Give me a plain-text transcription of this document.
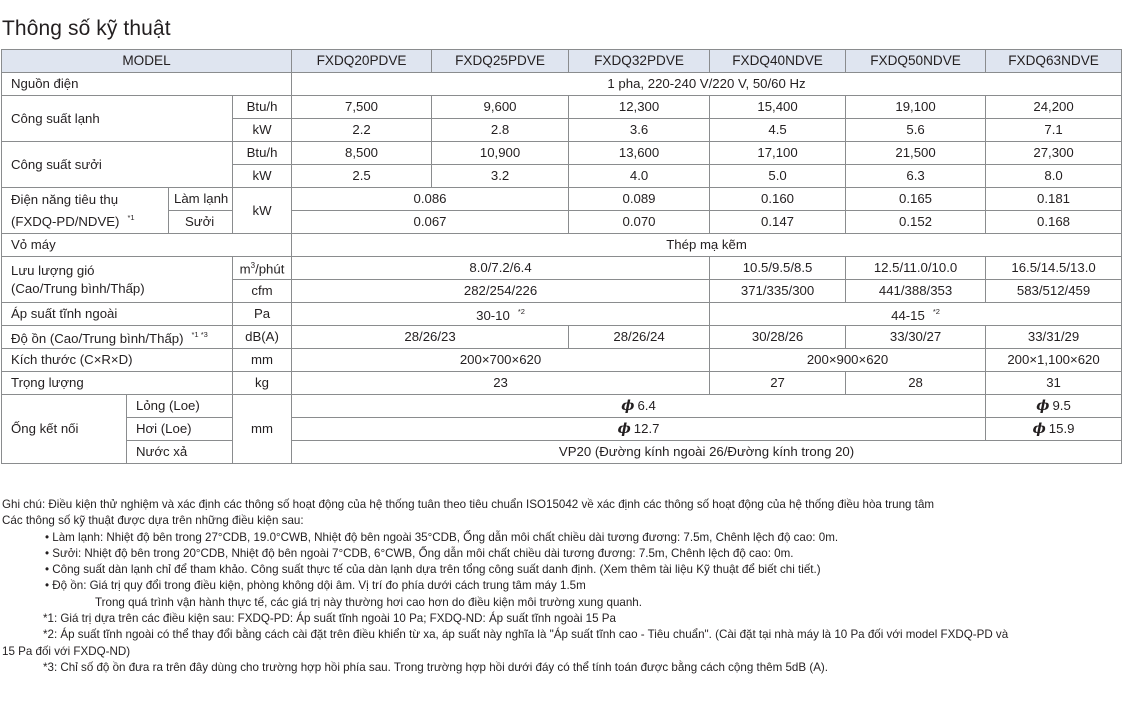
Thông số kỹ thuật
MODEL				FXDQ20PDVE	FXDQ25PDVE	FXDQ32PDVE	FXDQ40NDVE	FXDQ50NDVE	FXDQ63NDVE
Nguồn điện				1 pha, 220-240 V/220 V, 50/60 Hz					
Công suất lạnh			Btu/h	7,500	9,600	12,300	15,400	19,100	24,200
			kW	2.2	2.8	3.6	4.5	5.6	7.1
Công suất sưởi			Btu/h	8,500	10,900	13,600	17,100	21,500	27,300
			kW	2.5	3.2	4.0	5.0	6.3	8.0
Điện năng tiêu thụ
(FXDQ-PD/NDVE) $^{*1}$		Làm lạnh	kW	0.086		0.089	0.160	0.165	0.181
		Sưởi		0.067		0.070	0.147	0.152	0.168
Vỏ máy				Thép mạ kẽm					
Lưu lượng gió
(Cao/Trung bình/Thấp)			$m^3$/phút	8.0/7.2/6.4			10.5/9.5/8.5	12.5/11.0/10.0	16.5/14.5/13.0
			cfm	282/254/226			371/335/300	441/388/353	583/512/459
Áp suất tĩnh ngoài			Pa	30-10 $^{*2}$			44-15 $^{*2}$
Độ ồn (Cao/Trung bình/Thấp) $^{*1 *3}$			dB(A)	28/26/23		28/26/24	30/28/26	33/30/27	33/31/29
Kích thước (C×R×D)			mm	200×700×620			200×900×620		200×1,100×620
Trọng lượng			kg	23			27	28	31
Ống kết nối	Lỏng (Loe)		mm	ϕ 6.4					ϕ 9.5
	Hơi (Loe)			ϕ 12.7					ϕ 15.9
	Nước xả			VP20 (Đường kính ngoài 26/Đường kính trong 20)					
Ghi chú: Điều kiện thử nghiệm và xác định các thông số hoạt động của hệ thống tuân theo tiêu chuẩn ISO15042 về xác định các thông số hoạt động của hệ thống điều hòa trung tâm
Các thông số kỹ thuật được dựa trên những điều kiện sau:
• Làm lạnh: Nhiệt độ bên trong 27°CDB, 19.0°CWB, Nhiệt độ bên ngoài 35°CDB, Ống dẫn môi chất chiều dài tương đương: 7.5m, Chênh lệch độ cao: 0m.
• Sưởi: Nhiệt độ bên trong 20°CDB, Nhiệt độ bên ngoài 7°CDB, 6°CWB, Ống dẫn môi chất chiều dài tương đương: 7.5m, Chênh lệch độ cao: 0m.
• Công suất dàn lạnh chỉ để tham khảo. Công suất thực tế của dàn lạnh dựa trên tổng công suất danh định. (Xem thêm tài liệu Kỹ thuật để biết chi tiết.)
• Độ ồn: Giá trị quy đổi trong điều kiện, phòng không dội âm. Vị trí đo phía dưới cách trung tâm máy 1.5m
Trong quá trình vận hành thực tế, các giá trị này thường hơi cao hơn do điều kiện môi trường xung quanh.
*1: Giá trị dựa trên các điều kiện sau: FXDQ-PD: Áp suất tĩnh ngoài 10 Pa; FXDQ-ND: Áp suất tĩnh ngoài 15 Pa
*2: Áp suất tĩnh ngoài có thể thay đổi bằng cách cài đặt trên điều khiển từ xa, áp suất này nghĩa là "Áp suất tĩnh cao - Tiêu chuẩn". (Cài đặt tại nhà máy là 10 Pa đối với model FXDQ-PD và
15 Pa đối với FXDQ-ND)
*3: Chỉ số độ ồn đưa ra trên đây dùng cho trường hợp hồi phía sau. Trong trường hợp hồi dưới đáy có thể tính toán được bằng cách cộng thêm 5dB (A).
